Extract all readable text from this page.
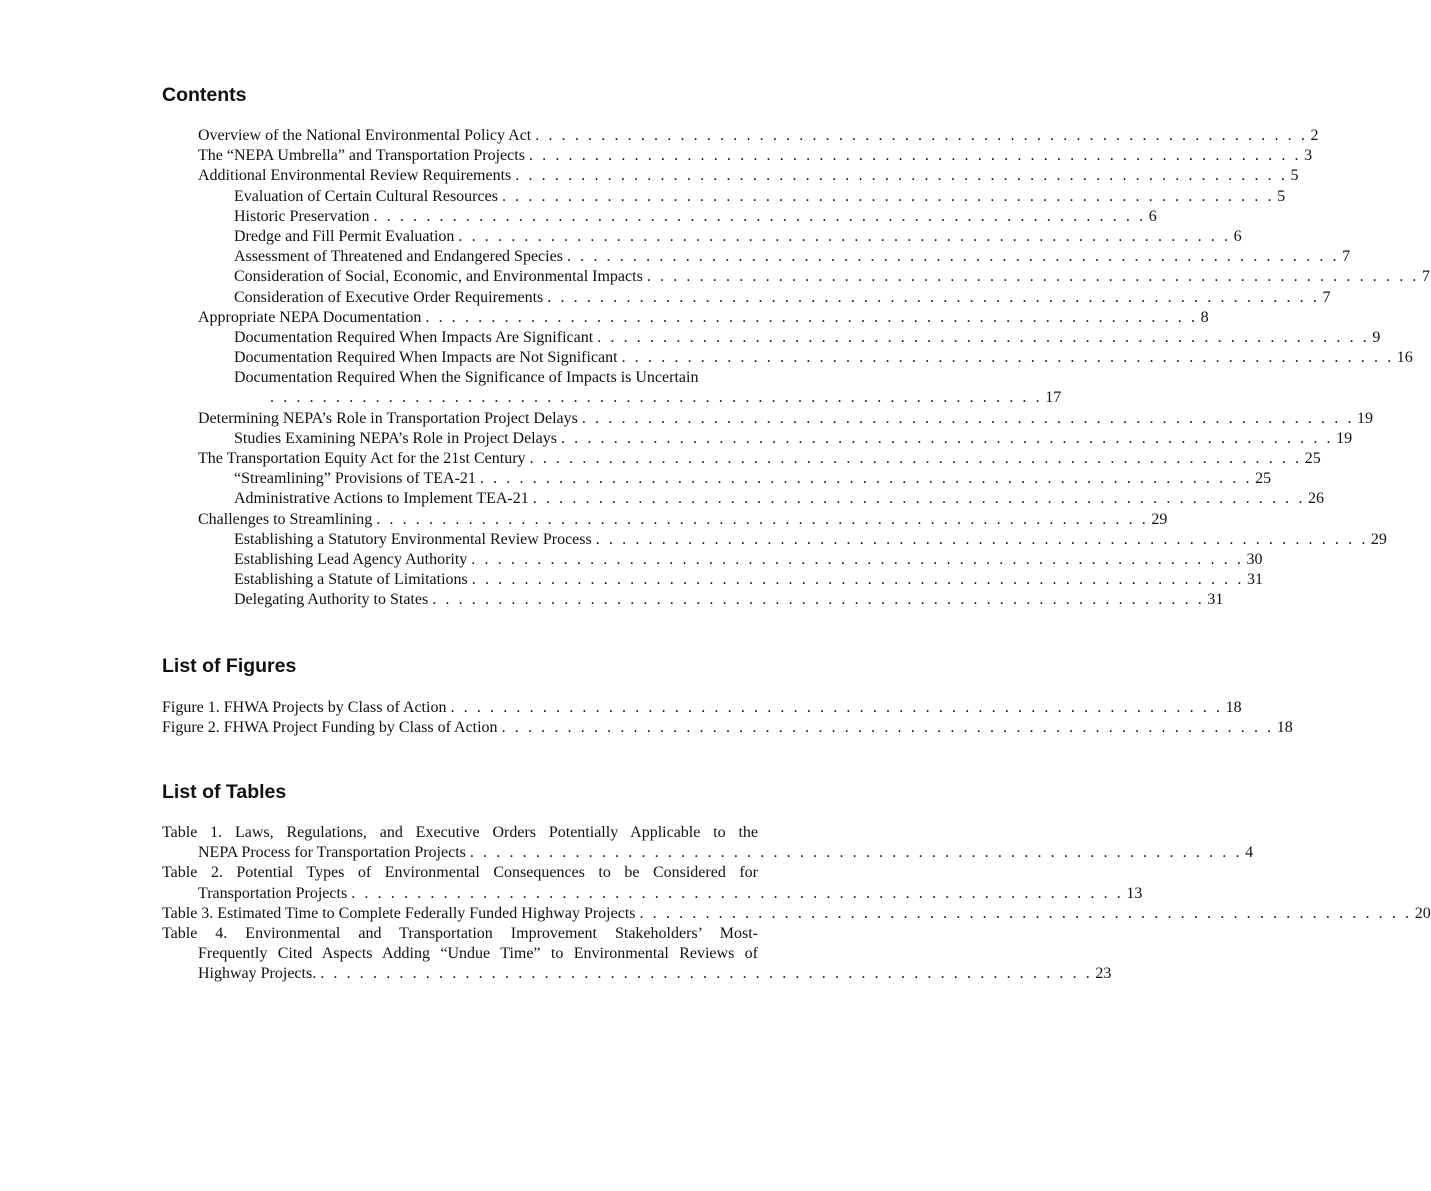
Contents
Overview of the National Environmental Policy Act . . . . . . . . . . . . . . . . . . . . . . . . . . . . . . . . . . . . . . . . . . . . . . . . . . . . . . . . . . . 2
The “NEPA Umbrella” and Transportation Projects . . . . . . . . . . . . . . . . . . . . . . . . . . . . . . . . . . . . . . . . . . . . . . . . . . . . . . . . . . . 3
Additional Environmental Review Requirements . . . . . . . . . . . . . . . . . . . . . . . . . . . . . . . . . . . . . . . . . . . . . . . . . . . . . . . . . . . 5
Evaluation of Certain Cultural Resources . . . . . . . . . . . . . . . . . . . . . . . . . . . . . . . . . . . . . . . . . . . . . . . . . . . . . . . . . . . 5
Historic Preservation . . . . . . . . . . . . . . . . . . . . . . . . . . . . . . . . . . . . . . . . . . . . . . . . . . . . . . . . . . . 6
Dredge and Fill Permit Evaluation . . . . . . . . . . . . . . . . . . . . . . . . . . . . . . . . . . . . . . . . . . . . . . . . . . . . . . . . . . . 6
Assessment of Threatened and Endangered Species . . . . . . . . . . . . . . . . . . . . . . . . . . . . . . . . . . . . . . . . . . . . . . . . . . . . . . . . . . . 7
Consideration of Social, Economic, and Environmental Impacts . . . . . . . . . . . . . . . . . . . . . . . . . . . . . . . . . . . . . . . . . . . . . . . . . . . . . . . . . . . 7
Consideration of Executive Order Requirements . . . . . . . . . . . . . . . . . . . . . . . . . . . . . . . . . . . . . . . . . . . . . . . . . . . . . . . . . . . 7
Appropriate NEPA Documentation . . . . . . . . . . . . . . . . . . . . . . . . . . . . . . . . . . . . . . . . . . . . . . . . . . . . . . . . . . . 8
Documentation Required When Impacts Are Significant . . . . . . . . . . . . . . . . . . . . . . . . . . . . . . . . . . . . . . . . . . . . . . . . . . . . . . . . . . . 9
Documentation Required When Impacts are Not Significant . . . . . . . . . . . . . . . . . . . . . . . . . . . . . . . . . . . . . . . . . . . . . . . . . . . . . . . . . . . 16
Documentation Required When the Significance of Impacts is Uncertain
. . . . . . . . . . . . . . . . . . . . . . . . . . . . . . . . . . . . . . . . . . . . . . . . . . . . . . . . . . . 17
Determining NEPA’s Role in Transportation Project Delays . . . . . . . . . . . . . . . . . . . . . . . . . . . . . . . . . . . . . . . . . . . . . . . . . . . . . . . . . . . 19
Studies Examining NEPA’s Role in Project Delays . . . . . . . . . . . . . . . . . . . . . . . . . . . . . . . . . . . . . . . . . . . . . . . . . . . . . . . . . . . 19
The Transportation Equity Act for the 21st Century . . . . . . . . . . . . . . . . . . . . . . . . . . . . . . . . . . . . . . . . . . . . . . . . . . . . . . . . . . . 25
“Streamlining” Provisions of TEA-21 . . . . . . . . . . . . . . . . . . . . . . . . . . . . . . . . . . . . . . . . . . . . . . . . . . . . . . . . . . . 25
Administrative Actions to Implement TEA-21 . . . . . . . . . . . . . . . . . . . . . . . . . . . . . . . . . . . . . . . . . . . . . . . . . . . . . . . . . . . 26
Challenges to Streamlining . . . . . . . . . . . . . . . . . . . . . . . . . . . . . . . . . . . . . . . . . . . . . . . . . . . . . . . . . . . 29
Establishing a Statutory Environmental Review Process . . . . . . . . . . . . . . . . . . . . . . . . . . . . . . . . . . . . . . . . . . . . . . . . . . . . . . . . . . . 29
Establishing Lead Agency Authority . . . . . . . . . . . . . . . . . . . . . . . . . . . . . . . . . . . . . . . . . . . . . . . . . . . . . . . . . . . 30
Establishing a Statute of Limitations . . . . . . . . . . . . . . . . . . . . . . . . . . . . . . . . . . . . . . . . . . . . . . . . . . . . . . . . . . . 31
Delegating Authority to States . . . . . . . . . . . . . . . . . . . . . . . . . . . . . . . . . . . . . . . . . . . . . . . . . . . . . . . . . . . 31
List of Figures
Figure 1. FHWA Projects by Class of Action . . . . . . . . . . . . . . . . . . . . . . . . . . . . . . . . . . . . . . . . . . . . . . . . . . . . . . . . . . . 18
Figure 2. FHWA Project Funding by Class of Action . . . . . . . . . . . . . . . . . . . . . . . . . . . . . . . . . . . . . . . . . . . . . . . . . . . . . . . . . . . 18
List of Tables
Table 1. Laws, Regulations, and Executive Orders Potentially Applicable to the
NEPA Process for Transportation Projects . . . . . . . . . . . . . . . . . . . . . . . . . . . . . . . . . . . . . . . . . . . . . . . . . . . . . . . . . . . 4
Table 2. Potential Types of Environmental Consequences to be Considered for
Transportation Projects . . . . . . . . . . . . . . . . . . . . . . . . . . . . . . . . . . . . . . . . . . . . . . . . . . . . . . . . . . . 13
Table 3. Estimated Time to Complete Federally Funded Highway Projects . . . . . . . . . . . . . . . . . . . . . . . . . . . . . . . . . . . . . . . . . . . . . . . . . . . . . . . . . . . 20
Table 4. Environmental and Transportation Improvement Stakeholders’ Most-
Frequently Cited Aspects Adding “Undue Time” to Environmental Reviews of
Highway Projects. . . . . . . . . . . . . . . . . . . . . . . . . . . . . . . . . . . . . . . . . . . . . . . . . . . . . . . . . . . . 23
